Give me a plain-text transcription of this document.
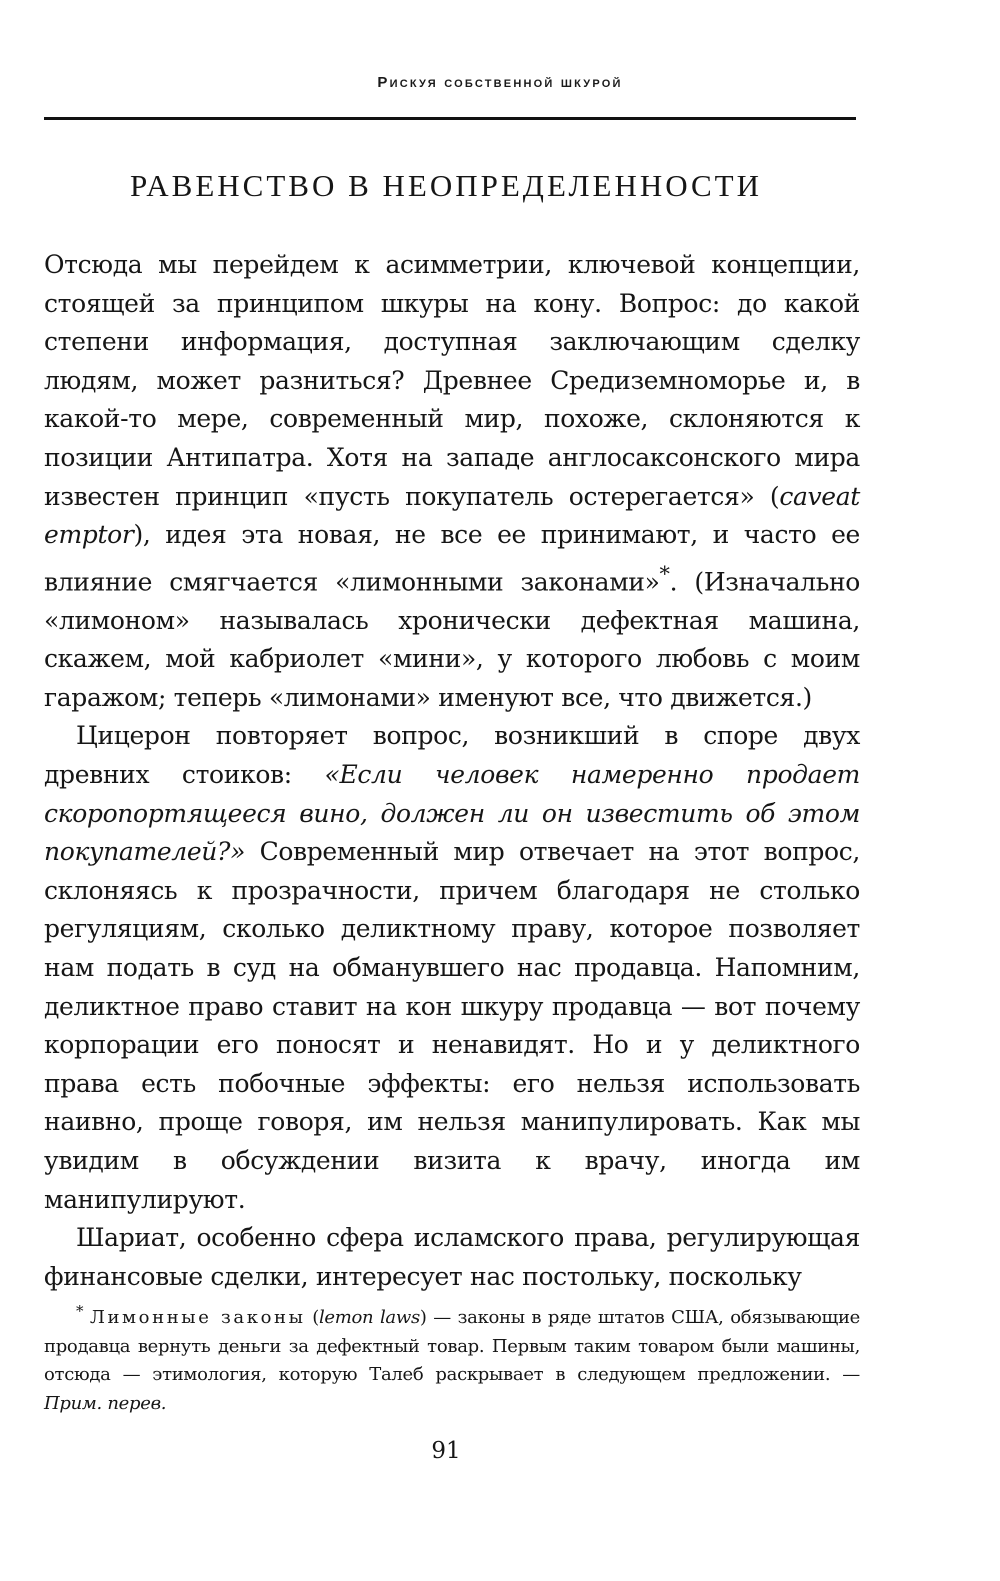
Рискуя собственной шкурой
РАВЕНСТВО В НЕОПРЕДЕЛЕННОСТИ

Отсюда мы перейдем к асимметрии, ключевой концепции, стоящей за принципом шкуры на кону. Вопрос: до какой степени информация, доступная заключающим сделку людям, может разниться? Древнее Средиземноморье и, в какой-то мере, современный мир, похоже, склоняются к позиции Антипатра. Хотя на западе англосаксонского мира известен принцип «пусть покупатель остерегается» (caveat emptor), идея эта новая, не все ее принимают, и часто ее влияние смягчается «лимонными законами»*. (Изначально «лимоном» называлась хронически дефектная машина, скажем, мой кабриолет «мини», у которого любовь с моим гаражом; теперь «лимонами» именуют все, что движется.)

Цицерон повторяет вопрос, возникший в споре двух древних стоиков: «Если человек намеренно продает скоропортящееся вино, должен ли он известить об этом покупателей?» Современный мир отвечает на этот вопрос, склоняясь к прозрачности, причем благодаря не столько регуляциям, сколько деликтному праву, которое позволяет нам подать в суд на обманувшего нас продавца. Напомним, деликтное право ставит на кон шкуру продавца — вот почему корпорации его поносят и ненавидят. Но и у деликтного права есть побочные эффекты: его нельзя использовать наивно, проще говоря, им нельзя манипулировать. Как мы увидим в обсуждении визита к врачу, иногда им манипулируют.

Шариат, особенно сфера исламского права, регулирующая финансовые сделки, интересует нас постольку, поскольку

* Лимонные законы (lemon laws) — законы в ряде штатов США, обязывающие продавца вернуть деньги за дефектный товар. Первым таким товаром были машины, отсюда — этимология, которую Талеб раскрывает в следующем предложении. — Прим. перев.
91
